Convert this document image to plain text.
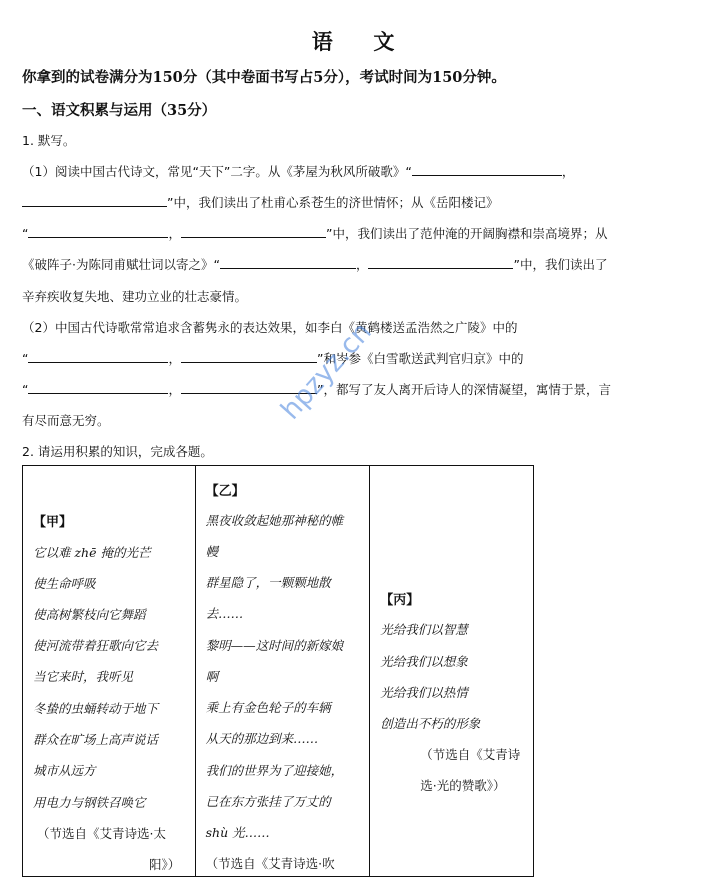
语 文
你拿到的试卷满分为150分（其中卷面书写占5分），考试时间为150分钟。
一、语文积累与运用（35分）
1. 默写。
（1）阅读中国古代诗文，常见“天下”二字。从《茅屋为秋风所破歌》“	，
”中，我们读出了杜甫心系苍生的济世情怀；从《岳阳楼记》
“	，	”中，我们读出了范仲淹的开阔胸襟和崇高境界；从
《破阵子·为陈同甫赋壮词以寄之》“	，	”中，我们读出了
辛弃疾收复失地、建功立业的壮志豪情。
（2）中国古代诗歌常常追求含蓄隽永的表达效果，如李白《黄鹤楼送孟浩然之广陵》中的
“	，	”和岑参《白雪歌送武判官归京》中的
“	，	”，都写了友人离开后诗人的深情凝望，寓情于景，言
有尽而意无穷。
2. 请运用积累的知识，完成各题。
【甲】
它以难 zhē 掩的光芒
使生命呼吸
使高树繁枝向它舞蹈
使河流带着狂歌向它去
当它来时，我听见
冬蛰的虫蛹转动于地下
群众在旷场上高声说话
城市从远方
用电力与钢铁召唤它
（节选自《艾青诗选·太
阳》）

【乙】
黑夜收敛起她那神秘的帷
幔
群星隐了，一颗颗地散
去……
黎明——这时间的新嫁娘
啊
乘上有金色轮子的车辆
从天的那边到来……
我们的世界为了迎接她，
已在东方张挂了万丈的
shù 光……
（节选自《艾青诗选·吹

【丙】
光给我们以智慧
光给我们以想象
光给我们以热情
创造出不朽的形象
（节选自《艾青诗
选·光的赞歌》）
hpzyz.cn
